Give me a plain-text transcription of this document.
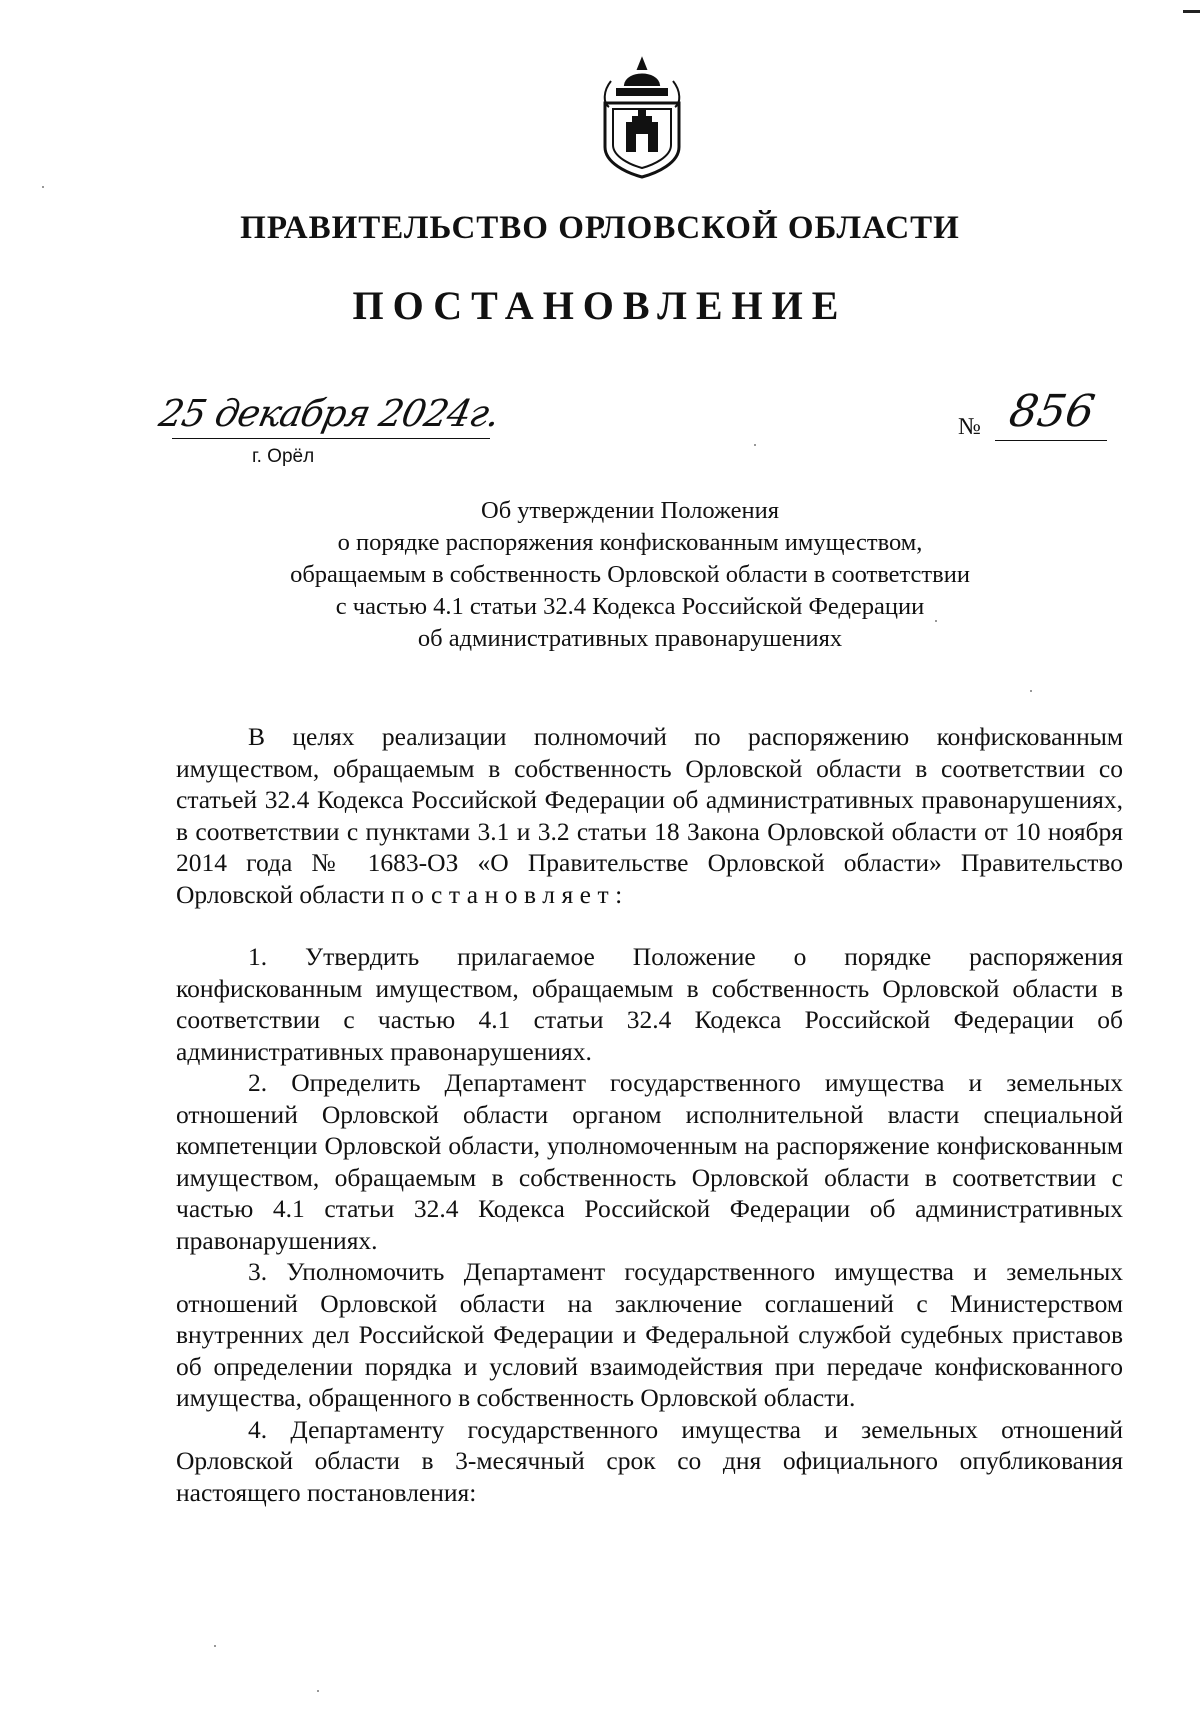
ПРАВИТЕЛЬСТВО ОРЛОВСКОЙ ОБЛАСТИ
ПОСТАНОВЛЕНИЕ
25 декабря 2024г.
г. Орёл
№ 856
Об утверждении Положения
о порядке распоряжения конфискованным имуществом,
обращаемым в собственность Орловской области в соответствии
с частью 4.1 статьи 32.4 Кодекса Российской Федерации
об административных правонарушениях

В целях реализации полномочий по распоряжению конфискованным имуществом, обращаемым в собственность Орловской области в соответствии со статьей 32.4 Кодекса Российской Федерации об административных правонарушениях, в соответствии с пунктами 3.1 и 3.2 статьи 18 Закона Орловской области от 10 ноября 2014 года № 1683-ОЗ «О Правительстве Орловской области» Правительство Орловской области постановляет:

1. Утвердить прилагаемое Положение о порядке распоряжения конфискованным имуществом, обращаемым в собственность Орловской области в соответствии с частью 4.1 статьи 32.4 Кодекса Российской Федерации об административных правонарушениях.

2. Определить Департамент государственного имущества и земельных отношений Орловской области органом исполнительной власти специальной компетенции Орловской области, уполномоченным на распоряжение конфискованным имуществом, обращаемым в собственность Орловской области в соответствии с частью 4.1 статьи 32.4 Кодекса Российской Федерации об административных правонарушениях.

3. Уполномочить Департамент государственного имущества и земельных отношений Орловской области на заключение соглашений с Министерством внутренних дел Российской Федерации и Федеральной службой судебных приставов об определении порядка и условий взаимодействия при передаче конфискованного имущества, обращенного в собственность Орловской области.

4. Департаменту государственного имущества и земельных отношений Орловской области в 3-месячный срок со дня официального опубликования настоящего постановления:
